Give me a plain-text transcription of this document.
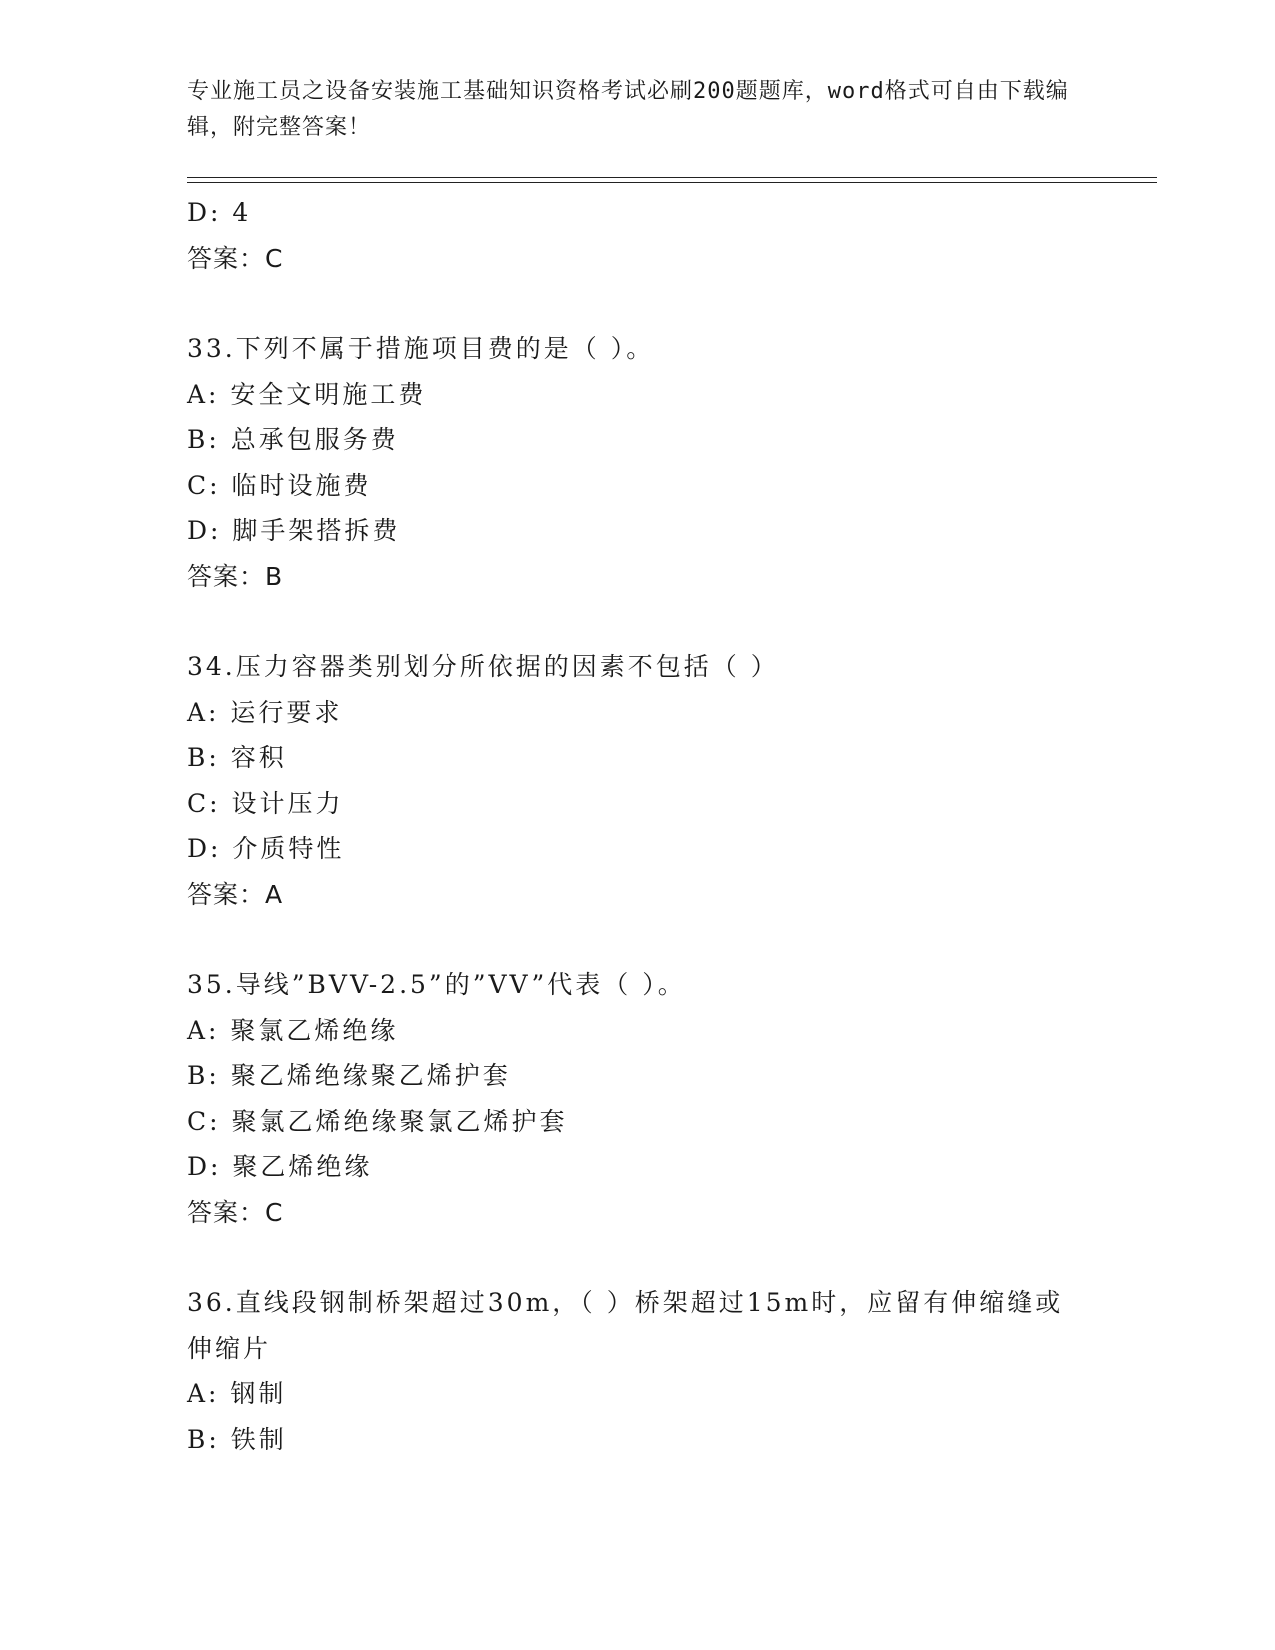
专业施工员之设备安装施工基础知识资格考试必刷200题题库，word格式可自由下载编辑，附完整答案！
D: 4
答案：C
33.下列不属于措施项目费的是（ ）。
A: 安全文明施工费
B: 总承包服务费
C: 临时设施费
D: 脚手架搭拆费
答案：B
34.压力容器类别划分所依据的因素不包括（ ）
A: 运行要求
B: 容积
C: 设计压力
D: 介质特性
答案：A
35.导线”BVV-2.5”的”VV”代表（ ）。
A: 聚氯乙烯绝缘
B: 聚乙烯绝缘聚乙烯护套
C: 聚氯乙烯绝缘聚氯乙烯护套
D: 聚乙烯绝缘
答案：C
36.直线段钢制桥架超过30m，（ ）桥架超过15m时，应留有伸缩缝或伸缩片
A: 钢制
B: 铁制
